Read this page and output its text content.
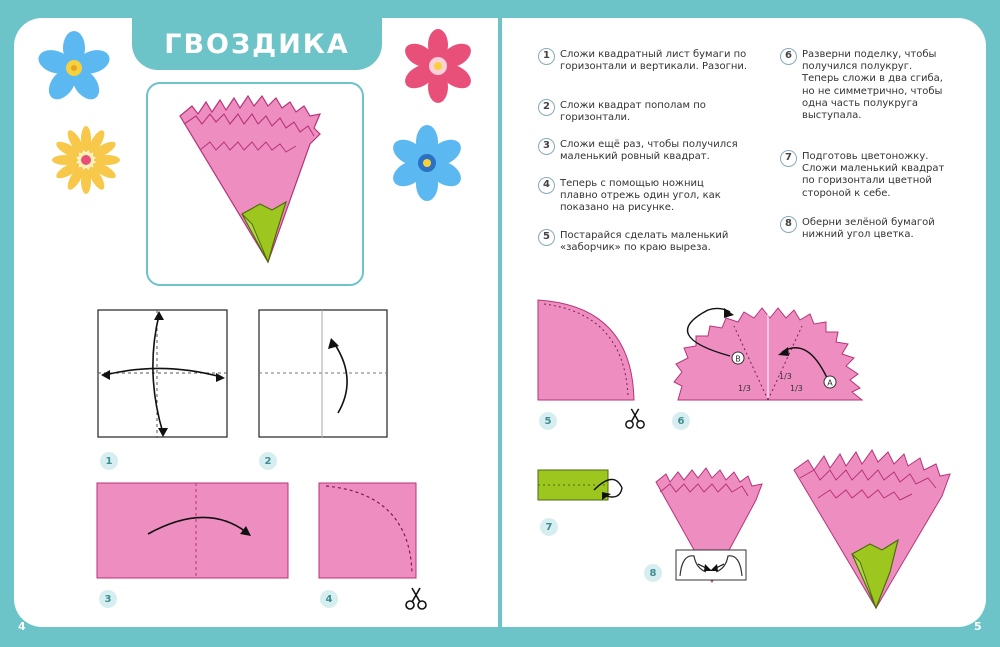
ГВОЗДИКА
1	2
3	4
4
1	Сложи квадратный лист бумаги по горизонтали и вертикали. Разогни.
2	Сложи квадрат пополам по горизонтали.
3	Сложи ещё раз, чтобы получился маленький ровный квадрат.
4	Теперь с помощью ножниц плавно отрежь один угол, как показано на рисунке.
5	Постарайся сделать маленький «заборчик» по краю выреза.
6	Разверни поделку, чтобы получился полукруг. Теперь сложи в два сгиба, но не симметрично, чтобы одна часть полукруга выступала.
7	Подготовь цветоножку. Сложи маленький квадрат по горизонтали цветной стороной к себе.
8	Оберни зелёной бумагой нижний угол цветка.
5
B
A
1/3
1/3
1/3
6
7
8
5
